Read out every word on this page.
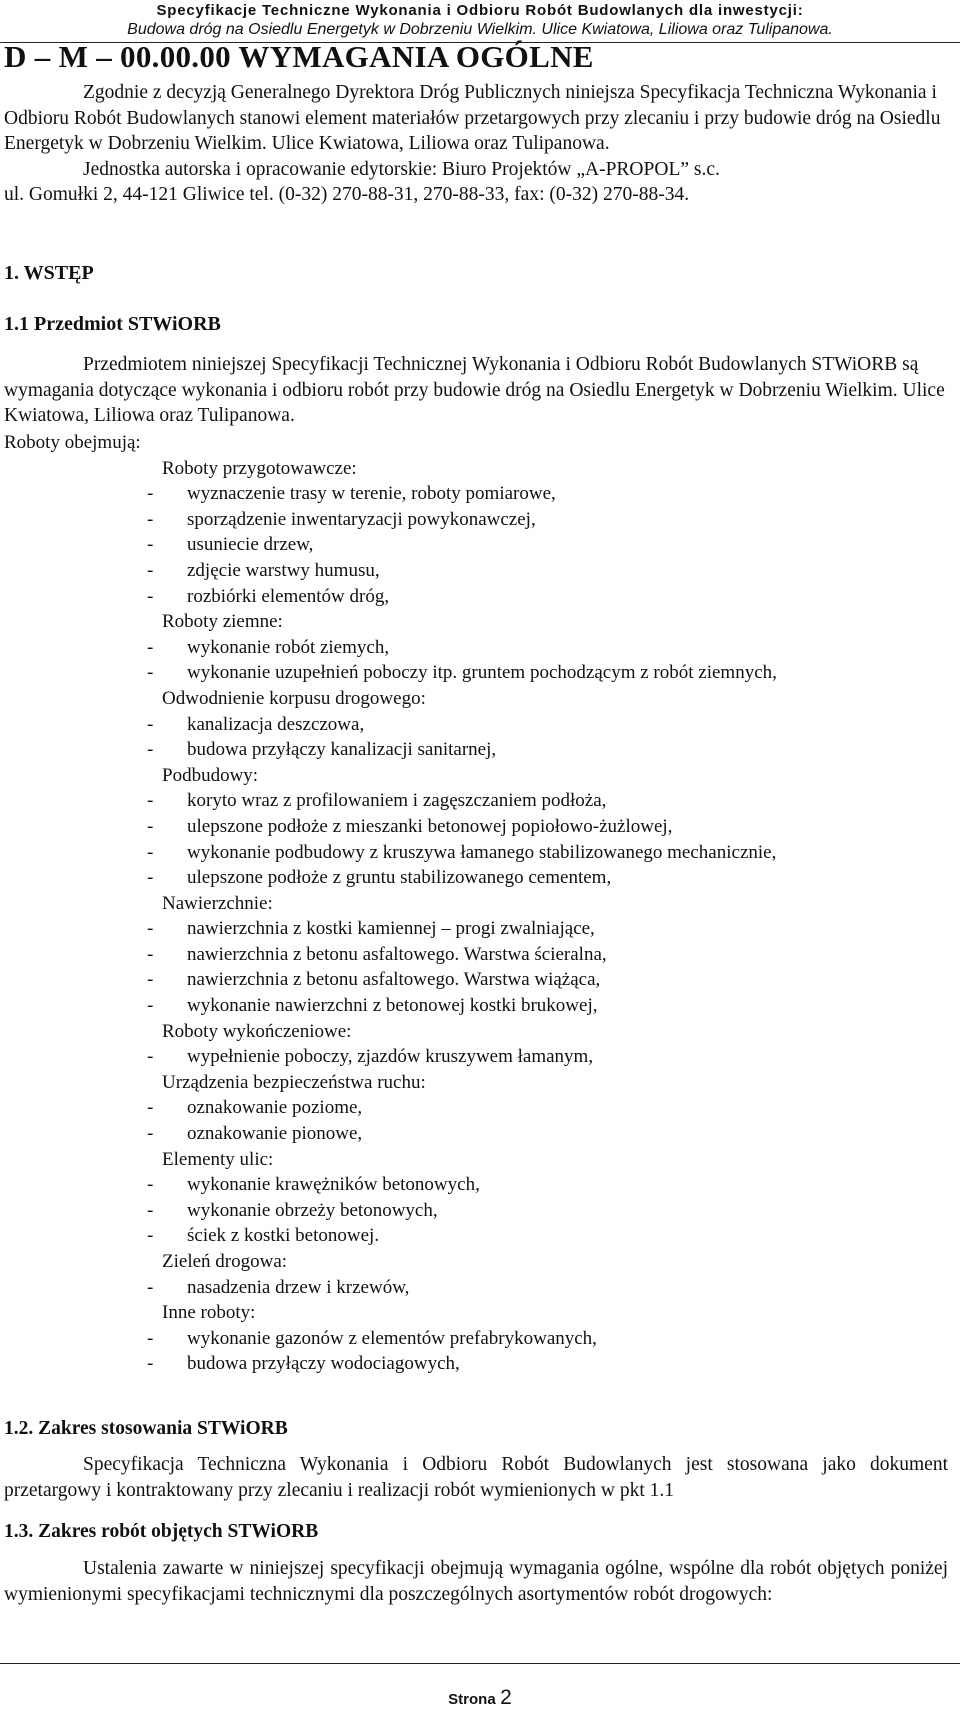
Specyfikacje Techniczne Wykonania i Odbioru Robót Budowlanych dla inwestycji:
Budowa dróg na Osiedlu Energetyk w Dobrzeniu Wielkim. Ulice Kwiatowa, Liliowa oraz Tulipanowa.
D – M – 00.00.00 WYMAGANIA OGÓLNE

Zgodnie z decyzją Generalnego Dyrektora Dróg Publicznych niniejsza Specyfikacja Techniczna Wykonania i Odbioru Robót Budowlanych stanowi element materiałów przetargowych przy zlecaniu i przy budowie dróg na Osiedlu Energetyk w Dobrzeniu Wielkim. Ulice Kwiatowa, Liliowa oraz Tulipanowa.

Jednostka autorska i opracowanie edytorskie: Biuro Projektów „A-PROPOL” s.c.

ul. Gomułki 2, 44-121 Gliwice tel. (0-32) 270-88-31, 270-88-33, fax: (0-32) 270-88-34.

1. WSTĘP
1.1 Przedmiot STWiORB

Przedmiotem niniejszej Specyfikacji Technicznej Wykonania i Odbioru Robót Budowlanych STWiORB są wymagania dotyczące wykonania i odbioru robót przy budowie dróg na Osiedlu Energetyk w Dobrzeniu Wielkim. Ulice Kwiatowa, Liliowa oraz Tulipanowa.

Roboty obejmują:

Roboty przygotowawcze:
- wyznaczenie trasy w terenie, roboty pomiarowe,
- sporządzenie inwentaryzacji powykonawczej,
- usuniecie drzew,
- zdjęcie warstwy humusu,
- rozbiórki elementów dróg,
Roboty ziemne:
- wykonanie robót ziemych,
- wykonanie uzupełnień poboczy itp. gruntem pochodzącym z robót ziemnych,
Odwodnienie korpusu drogowego:
- kanalizacja deszczowa,
- budowa przyłączy kanalizacji sanitarnej,
Podbudowy:
- koryto wraz z profilowaniem i zagęszczaniem podłoża,
- ulepszone podłoże z mieszanki betonowej popiołowo-żużlowej,
- wykonanie podbudowy z kruszywa łamanego stabilizowanego mechanicznie,
- ulepszone podłoże z gruntu stabilizowanego cementem,
Nawierzchnie:
- nawierzchnia z kostki kamiennej – progi zwalniające,
- nawierzchnia z betonu asfaltowego. Warstwa ścieralna,
- nawierzchnia z betonu asfaltowego. Warstwa wiążąca,
- wykonanie nawierzchni z betonowej kostki brukowej,
Roboty wykończeniowe:
- wypełnienie poboczy, zjazdów kruszywem łamanym,
Urządzenia bezpieczeństwa ruchu:
- oznakowanie poziome,
- oznakowanie pionowe,
Elementy ulic:
- wykonanie krawężników betonowych,
- wykonanie obrzeży betonowych,
- ściek z kostki betonowej.
Zieleń drogowa:
- nasadzenia drzew i krzewów,
Inne roboty:
- wykonanie gazonów z elementów prefabrykowanych,
- budowa przyłączy wodociagowych,
1.2. Zakres stosowania STWiORB

Specyfikacja Techniczna Wykonania i Odbioru Robót Budowlanych jest stosowana jako dokument przetargowy i kontraktowany przy zlecaniu i realizacji robót wymienionych w pkt 1.1

1.3. Zakres robót objętych STWiORB

Ustalenia zawarte w niniejszej specyfikacji obejmują wymagania ogólne, wspólne dla robót objętych poniżej wymienionymi specyfikacjami technicznymi dla poszczególnych asortymentów robót drogowych:

Strona 2
